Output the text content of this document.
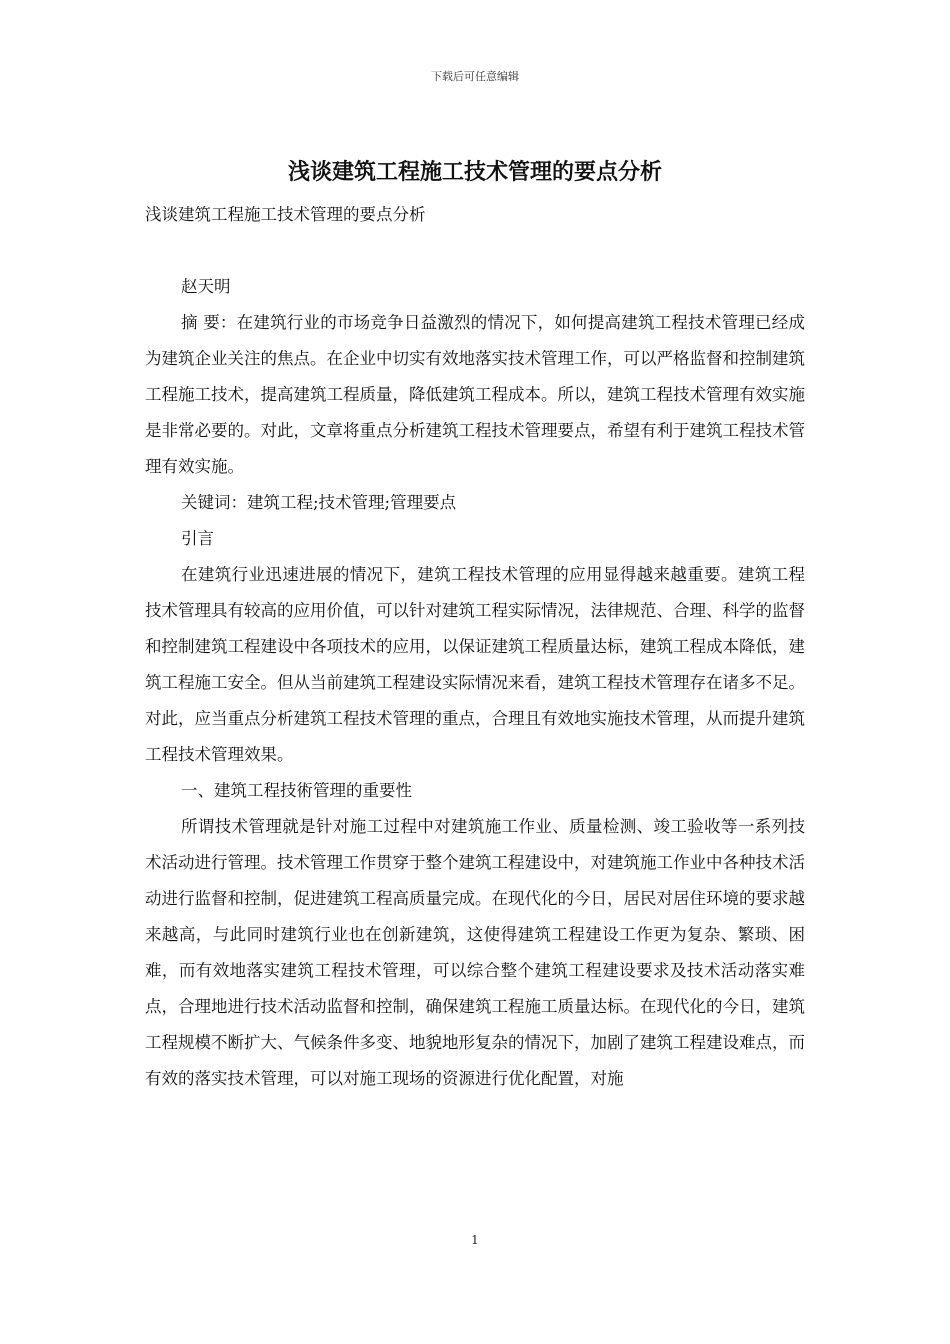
下载后可任意编辑
浅谈建筑工程施工技术管理的要点分析

浅谈建筑工程施工技术管理的要点分析

赵天明

摘 要：在建筑行业的市场竞争日益激烈的情况下，如何提高建筑工程技术管理已经成为建筑企业关注的焦点。在企业中切实有效地落实技术管理工作，可以严格监督和控制建筑工程施工技术，提高建筑工程质量，降低建筑工程成本。所以，建筑工程技术管理有效实施是非常必要的。对此，文章将重点分析建筑工程技术管理要点，希望有利于建筑工程技术管理有效实施。

关键词：建筑工程;技术管理;管理要点

引言

在建筑行业迅速进展的情况下，建筑工程技术管理的应用显得越来越重要。建筑工程技术管理具有较高的应用价值，可以针对建筑工程实际情况，法律规范、合理、科学的监督和控制建筑工程建设中各项技术的应用，以保证建筑工程质量达标，建筑工程成本降低，建筑工程施工安全。但从当前建筑工程建设实际情况来看，建筑工程技术管理存在诸多不足。对此，应当重点分析建筑工程技术管理的重点，合理且有效地实施技术管理，从而提升建筑工程技术管理效果。

一、建筑工程技術管理的重要性

所谓技术管理就是针对施工过程中对建筑施工作业、质量检测、竣工验收等一系列技术活动进行管理。技术管理工作贯穿于整个建筑工程建设中，对建筑施工作业中各种技术活动进行监督和控制，促进建筑工程高质量完成。在现代化的今日，居民对居住环境的要求越来越高，与此同时建筑行业也在创新建筑，这使得建筑工程建设工作更为复杂、繁琐、困难，而有效地落实建筑工程技术管理，可以综合整个建筑工程建设要求及技术活动落实难点，合理地进行技术活动监督和控制，确保建筑工程施工质量达标。在现代化的今日，建筑工程规模不断扩大、气候条件多变、地貌地形复杂的情况下，加剧了建筑工程建设难点，而有效的落实技术管理，可以对施工现场的资源进行优化配置，对施

1
